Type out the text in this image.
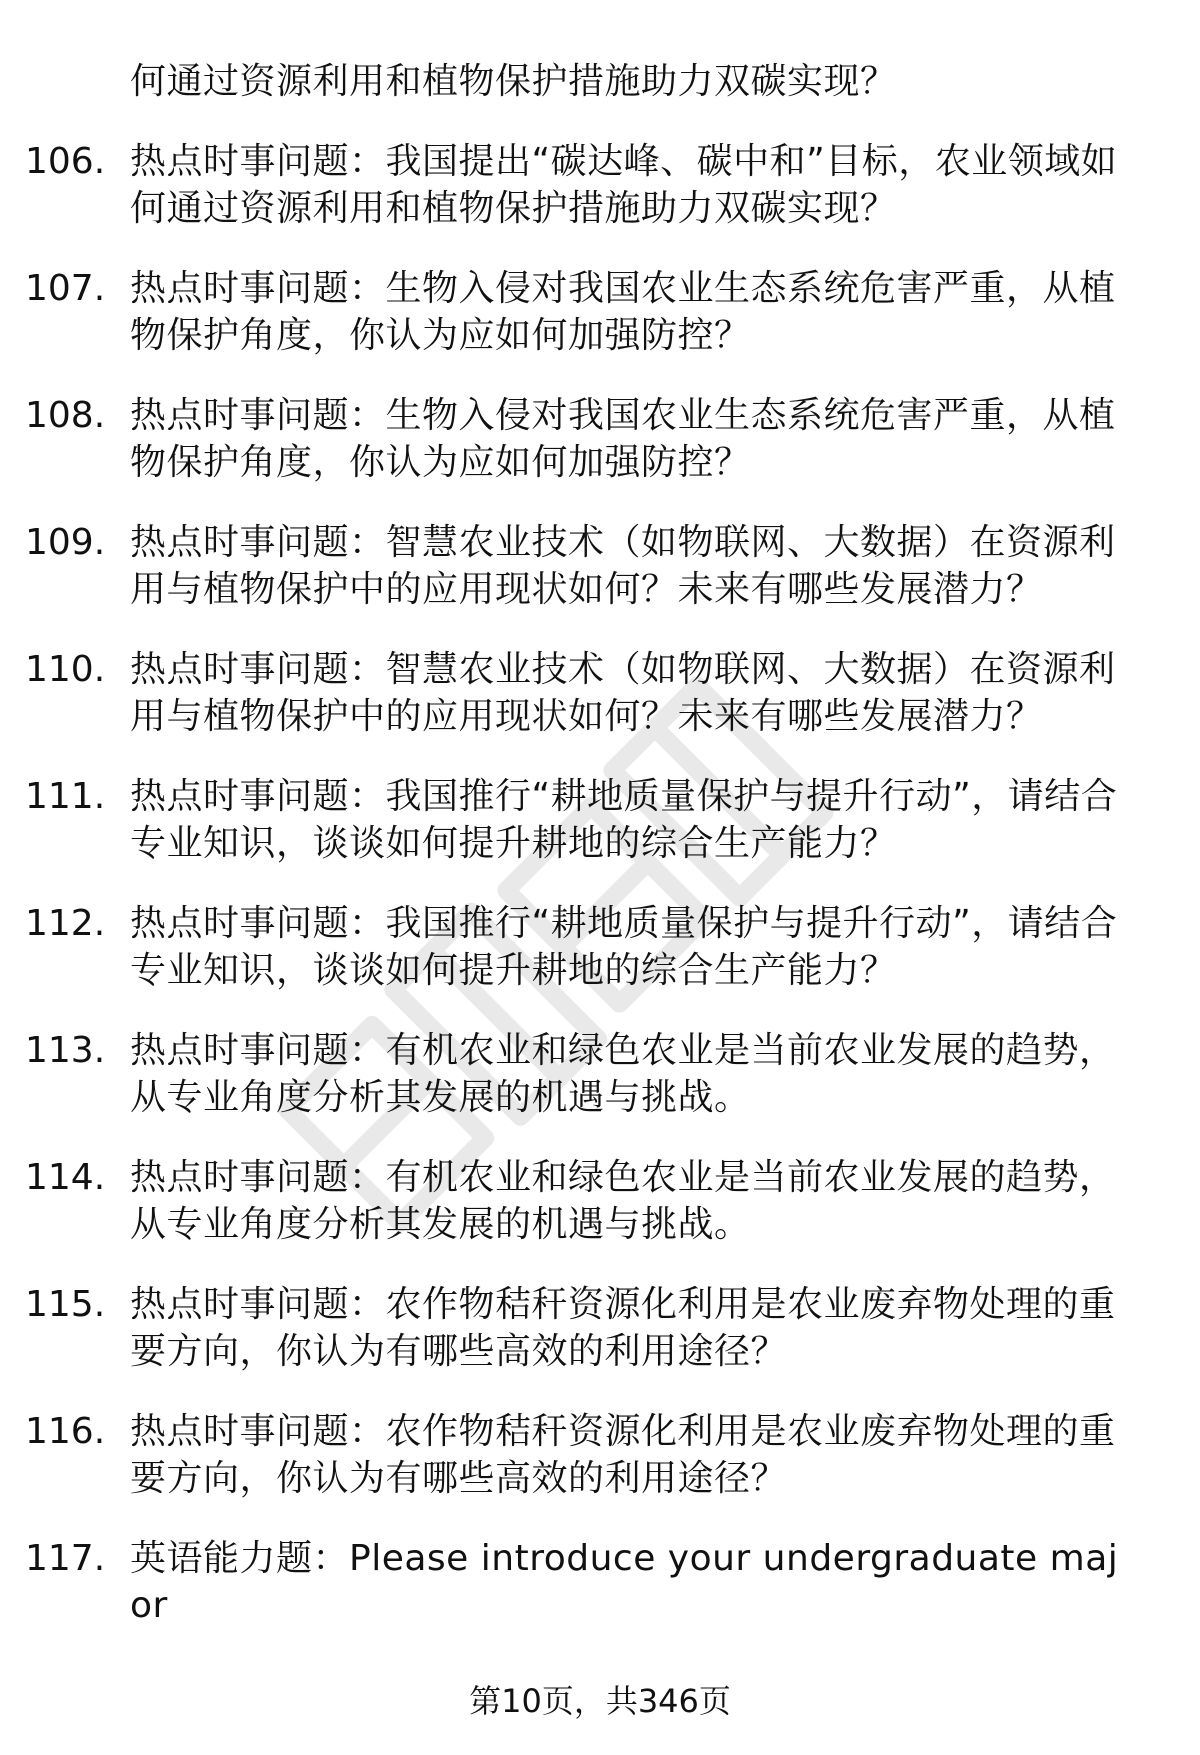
何通过资源利用和植物保护措施助力双碳实现？
106. 热点时事问题：我国提出“碳达峰、碳中和”目标，农业领域如何通过资源利用和植物保护措施助力双碳实现？
107. 热点时事问题：生物入侵对我国农业生态系统危害严重，从植物保护角度，你认为应如何加强防控？
108. 热点时事问题：生物入侵对我国农业生态系统危害严重，从植物保护角度，你认为应如何加强防控？
109. 热点时事问题：智慧农业技术（如物联网、大数据）在资源利用与植物保护中的应用现状如何？未来有哪些发展潜力？
110. 热点时事问题：智慧农业技术（如物联网、大数据）在资源利用与植物保护中的应用现状如何？未来有哪些发展潜力？
111. 热点时事问题：我国推行“耕地质量保护与提升行动”，请结合专业知识，谈谈如何提升耕地的综合生产能力？
112. 热点时事问题：我国推行“耕地质量保护与提升行动”，请结合专业知识，谈谈如何提升耕地的综合生产能力？
113. 热点时事问题：有机农业和绿色农业是当前农业发展的趋势，从专业角度分析其发展的机遇与挑战。
114. 热点时事问题：有机农业和绿色农业是当前农业发展的趋势，从专业角度分析其发展的机遇与挑战。
115. 热点时事问题：农作物秸秆资源化利用是农业废弃物处理的重要方向，你认为有哪些高效的利用途径？
116. 热点时事问题：农作物秸秆资源化利用是农业废弃物处理的重要方向，你认为有哪些高效的利用途径？
117. 英语能力题：Please introduce your undergraduate major
第10页，共346页
